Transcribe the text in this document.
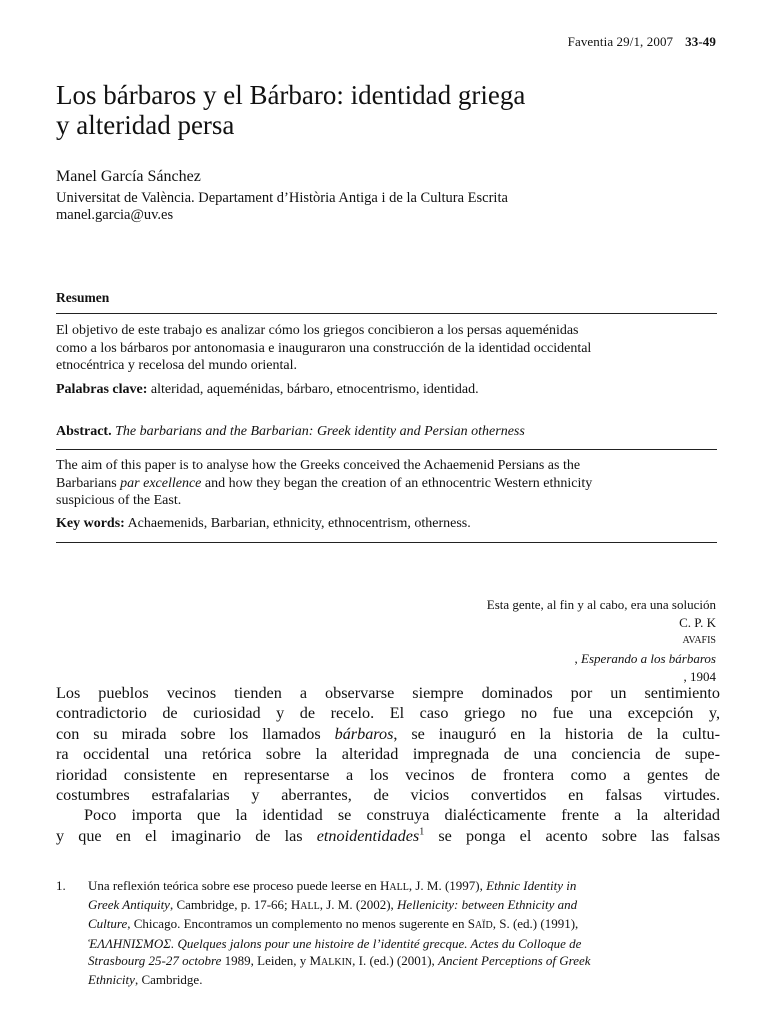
Faventia 29/1, 2007 33-49
Los bárbaros y el Bárbaro: identidad griega
y alteridad persa
Manel García Sánchez
Universitat de València. Departament d’Història Antiga i de la Cultura Escrita
manel.garcia@uv.es
Resumen
El objetivo de este trabajo es analizar cómo los griegos concibieron a los persas aqueménidas
como a los bárbaros por antonomasia e inauguraron una construcción de la identidad occidental
etnocéntrica y recelosa del mundo oriental.
Palabras clave: alteridad, aqueménidas, bárbaro, etnocentrismo, identidad.
Abstract. The barbarians and the Barbarian: Greek identity and Persian otherness
The aim of this paper is to analyse how the Greeks conceived the Achaemenid Persians as the
Barbarians par excellence and how they began the creation of an ethnocentric Western ethnicity
suspicious of the East.
Key words: Achaemenids, Barbarian, ethnicity, ethnocentrism, otherness.
Esta gente, al fin y al cabo, era una solución
C. P. K
AVAFIS
, Esperando a los bárbaros
, 1904
Los pueblos vecinos tienden a observarse siempre dominados por un sentimiento
contradictorio de curiosidad y de recelo. El caso griego no fue una excepción y,
con su mirada sobre los llamados bárbaros, se inauguró en la historia de la cultu-
ra occidental una retórica sobre la alteridad impregnada de una conciencia de supe-
rioridad consistente en representarse a los vecinos de frontera como a gentes de
costumbres estrafalarias y aberrantes, de vicios convertidos en falsas virtudes.
Poco importa que la identidad se construya dialécticamente frente a la alteridad
y que en el imaginario de las etnoidentidades$^1$ se ponga el acento sobre las falsas
1. Una reflexión teórica sobre ese proceso puede leerse en HALL, J. M. (1997), Ethnic Identity in
Greek Antiquity, Cambridge, p. 17-66; HALL, J. M. (2002), Hellenicity: between Ethnicity and
Culture, Chicago. Encontramos un complemento no menos sugerente en SAÏD, S. (ed.) (1991),
ἙΛΛΗΝΙΣΜΟΣ. Quelques jalons pour une histoire de l’identité grecque. Actes du Colloque de
Strasbourg 25-27 octobre 1989, Leiden, y MALKIN, I. (ed.) (2001), Ancient Perceptions of Greek
Ethnicity, Cambridge.
